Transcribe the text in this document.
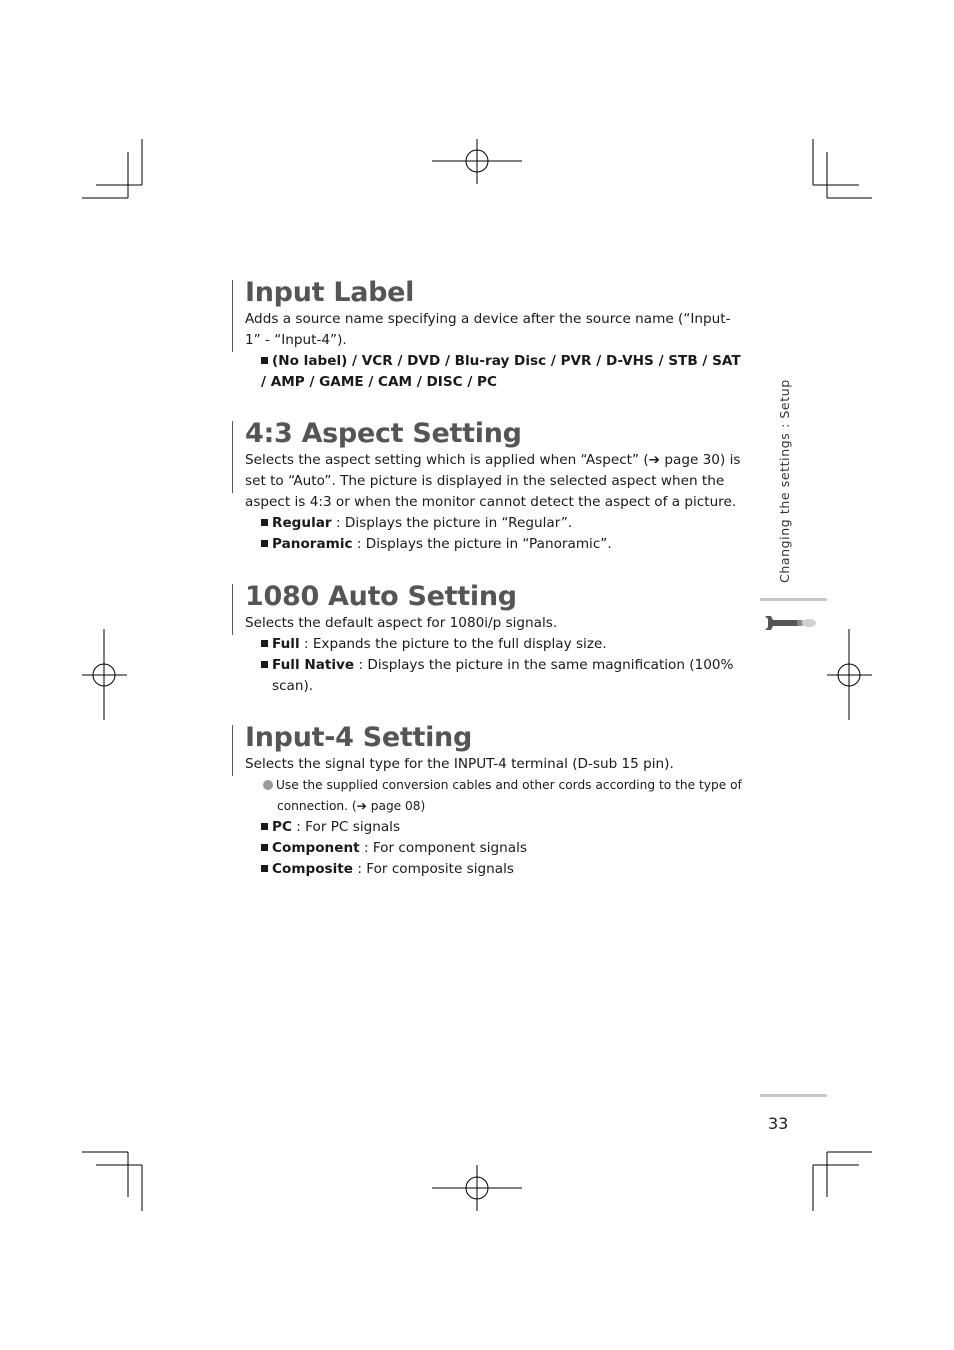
Input Label

Adds a source name specifying a device after the source name (“Input-1” - “Input-4”).

(No label) / VCR / DVD / Blu-ray Disc / PVR / D-VHS / STB / SAT / AMP / GAME / CAM / DISC / PC
4:3 Aspect Setting

Selects the aspect setting which is applied when “Aspect” (➔ page 30) is set to “Auto”. The picture is displayed in the selected aspect when the aspect is 4:3 or when the monitor cannot detect the aspect of a picture.

Regular : Displays the picture in “Regular”.
Panoramic : Displays the picture in “Panoramic”.
1080 Auto Setting

Selects the default aspect for 1080i/p signals.

Full : Expands the picture to the full display size.
Full Native : Displays the picture in the same magnification (100% scan).
Input-4 Setting

Selects the signal type for the INPUT-4 terminal (D-sub 15 pin).

Use the supplied conversion cables and other cords according to the type of connection. (➔ page 08)
PC : For PC signals
Component : For component signals
Composite : For composite signals
Changing the settings : Setup
33
